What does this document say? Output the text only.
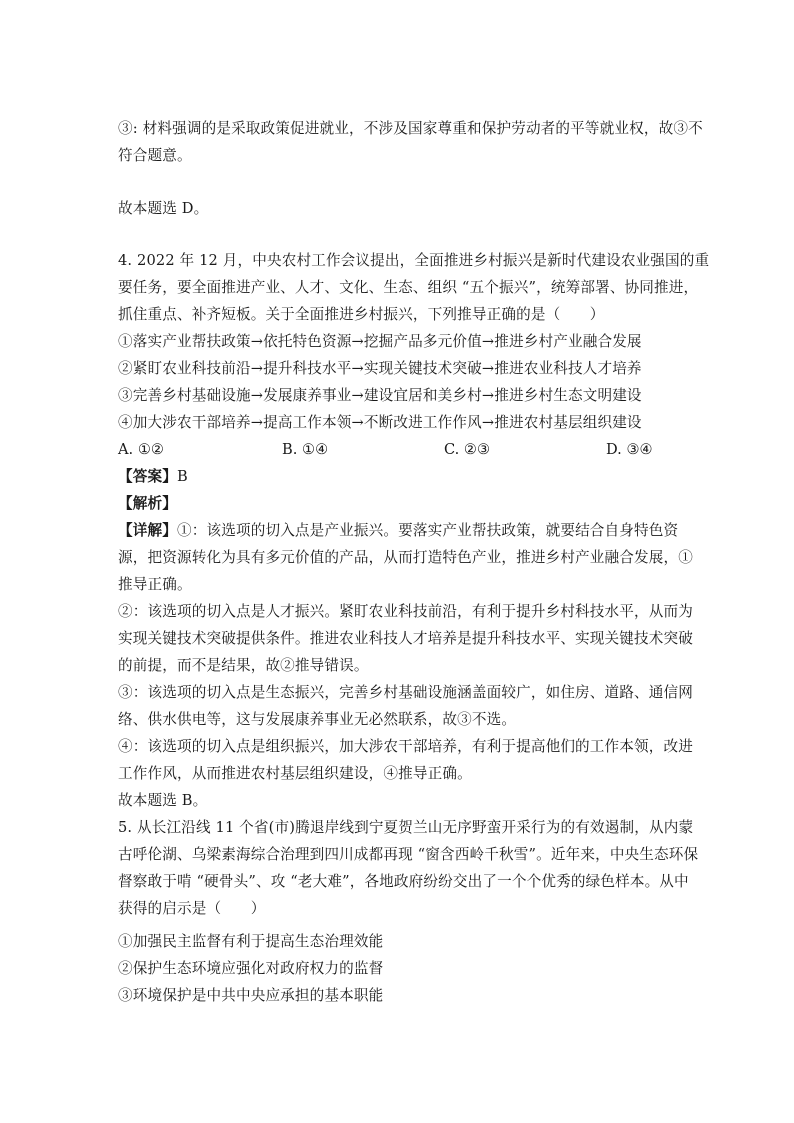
③: 材料强调的是采取政策促进就业，不涉及国家尊重和保护劳动者的平等就业权，故③不
符合题意。
故本题选 D。
4. 2022 年 12 月，中央农村工作会议提出，全面推进乡村振兴是新时代建设农业强国的重
要任务，要全面推进产业、人才、文化、生态、组织 “五个振兴”，统筹部署、协同推进，
抓住重点、补齐短板。关于全面推进乡村振兴，下列推导正确的是（　　）
①落实产业帮扶政策→依托特色资源→挖掘产品多元价值→推进乡村产业融合发展
②紧盯农业科技前沿→提升科技水平→实现关键技术突破→推进农业科技人才培养
③完善乡村基础设施→发展康养事业→建设宜居和美乡村→推进乡村生态文明建设
④加大涉农干部培养→提高工作本领→不断改进工作作风→推进农村基层组织建设
A. ①②	B. ①④	C. ②③	D. ③④
【答案】B
【解析】
【详解】①：该选项的切入点是产业振兴。要落实产业帮扶政策，就要结合自身特色资
源，把资源转化为具有多元价值的产品，从而打造特色产业，推进乡村产业融合发展，①
推导正确。
②：该选项的切入点是人才振兴。紧盯农业科技前沿，有利于提升乡村科技水平，从而为
实现关键技术突破提供条件。推进农业科技人才培养是提升科技水平、实现关键技术突破
的前提，而不是结果，故②推导错误。
③：该选项的切入点是生态振兴，完善乡村基础设施涵盖面较广，如住房、道路、通信网
络、供水供电等，这与发展康养事业无必然联系，故③不选。
④：该选项的切入点是组织振兴，加大涉农干部培养，有利于提高他们的工作本领，改进
工作作风，从而推进农村基层组织建设，④推导正确。
故本题选 B。
5. 从长江沿线 11 个省(市)腾退岸线到宁夏贺兰山无序野蛮开采行为的有效遏制，从内蒙
古呼伦湖、乌梁素海综合治理到四川成都再现 “窗含西岭千秋雪”。近年来，中央生态环保
督察敢于啃 “硬骨头”、攻 “老大难”，各地政府纷纷交出了一个个优秀的绿色样本。从中
获得的启示是（　　）
①加强民主监督有利于提高生态治理效能
②保护生态环境应强化对政府权力的监督
③环境保护是中共中央应承担的基本职能
